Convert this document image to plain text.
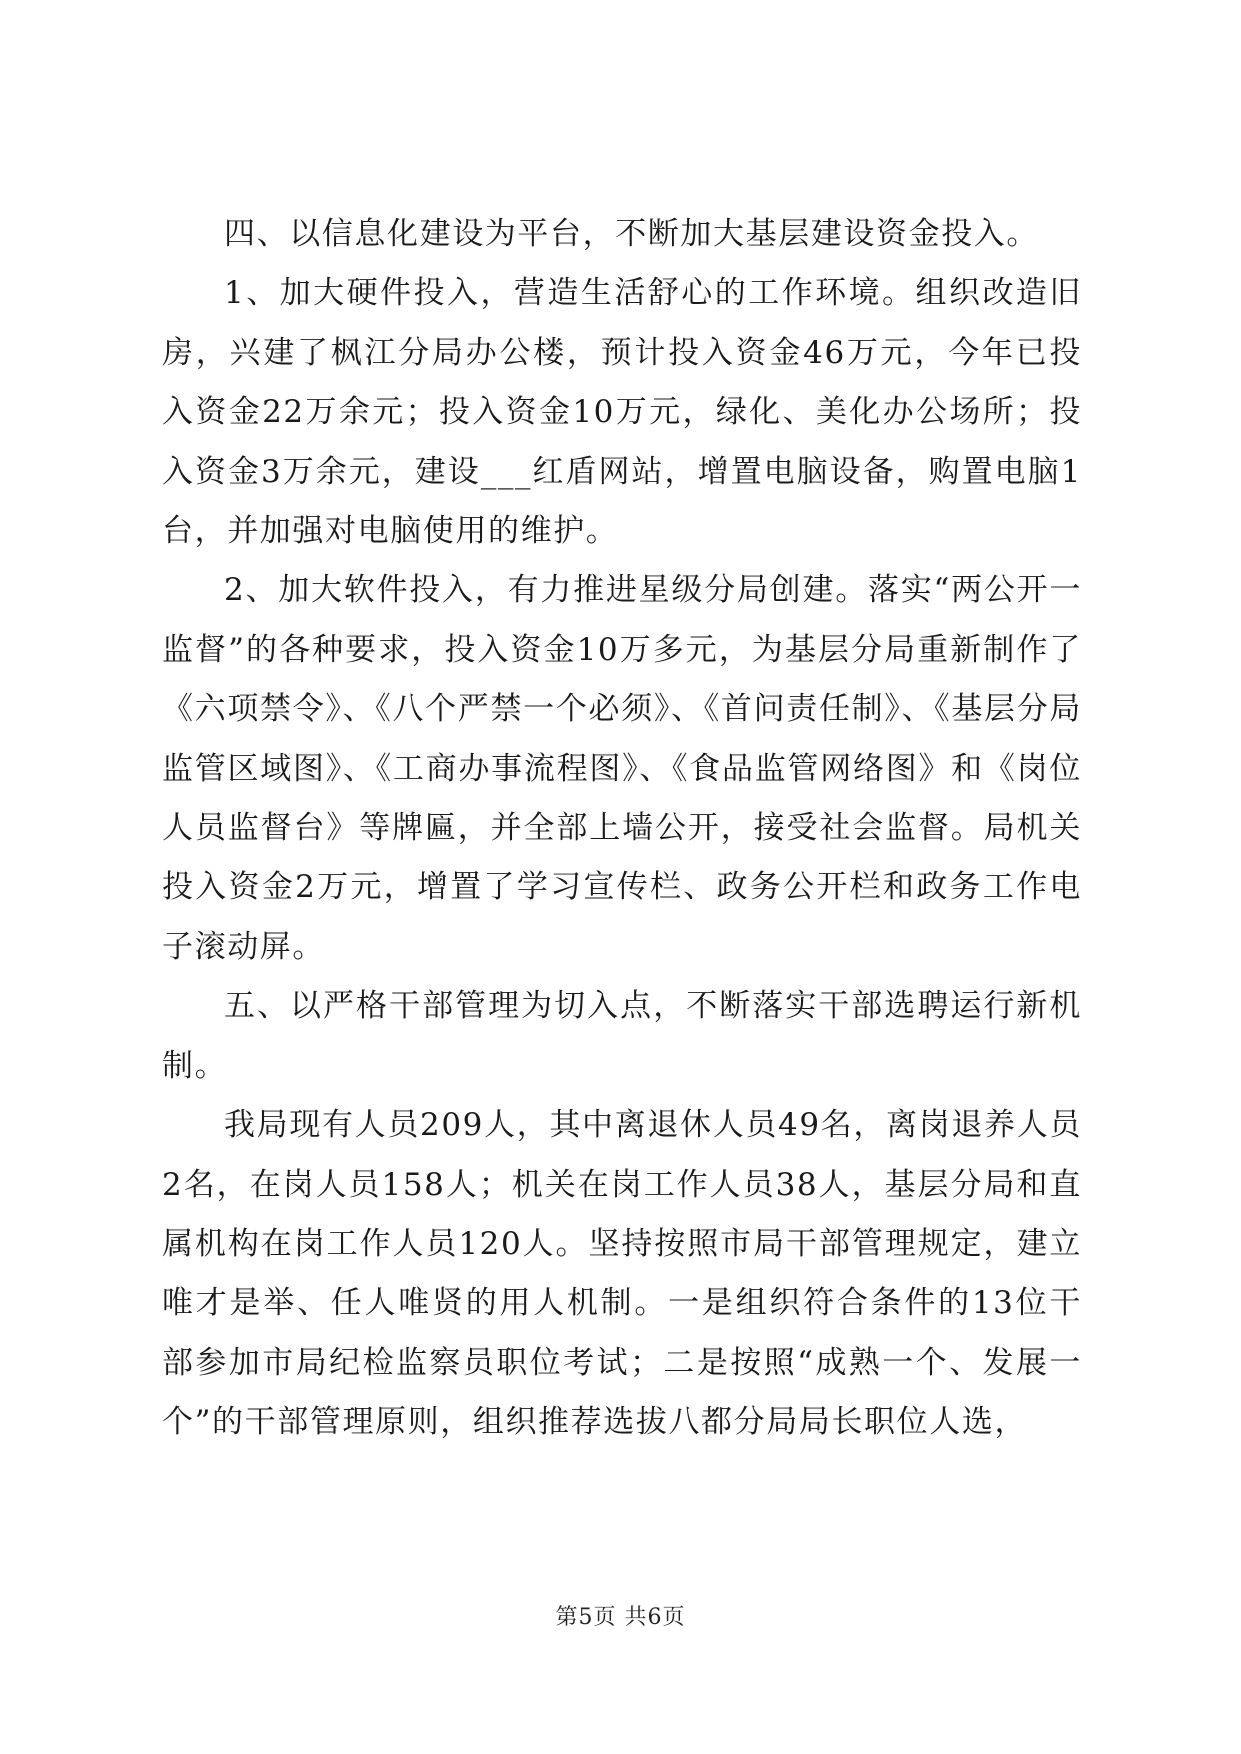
四、以信息化建设为平台，不断加大基层建设资金投入。

1、加大硬件投入，营造生活舒心的工作环境。组织改造旧房，兴建了枫江分局办公楼，预计投入资金46万元，今年已投入资金22万余元；投入资金10万元，绿化、美化办公场所；投入资金3万余元，建设___红盾网站，增置电脑设备，购置电脑1台，并加强对电脑使用的维护。

2、加大软件投入，有力推进星级分局创建。落实“两公开一监督”的各种要求，投入资金10万多元，为基层分局重新制作了《六项禁令》、《八个严禁一个必须》、《首问责任制》、《基层分局监管区域图》、《工商办事流程图》、《食品监管网络图》和《岗位人员监督台》等牌匾，并全部上墙公开，接受社会监督。局机关投入资金2万元，增置了学习宣传栏、政务公开栏和政务工作电子滚动屏。

五、以严格干部管理为切入点，不断落实干部选聘运行新机制。

我局现有人员209人，其中离退休人员49名，离岗退养人员2名，在岗人员158人；机关在岗工作人员38人，基层分局和直属机构在岗工作人员120人。坚持按照市局干部管理规定，建立唯才是举、任人唯贤的用人机制。一是组织符合条件的13位干部参加市局纪检监察员职位考试；二是按照“成熟一个、发展一个”的干部管理原则，组织推荐选拔八都分局局长职位人选，

第5页 共6页
